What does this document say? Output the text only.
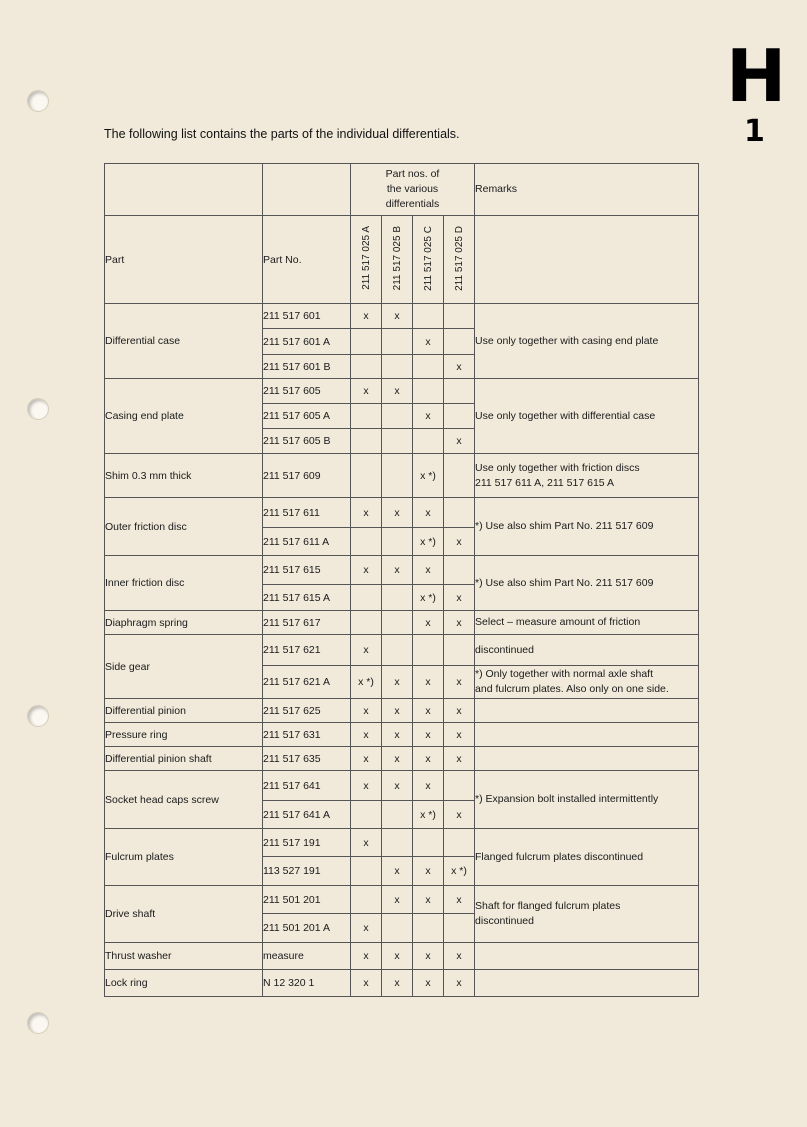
H
1
The following list contains the parts of the individual differentials.

		Part nos. of
the various
differentials				Remarks
Part	Part No.	211 517 025 A	211 517 025 B	211 517 025 C	211 517 025 D	
Differential case	211 517 601	x	x			Use only together with casing end plate

	211 517 601 A			x		
	211 517 601 B				x	
Casing end plate	211 517 605	x	x			Use only together with differential case

	211 517 605 A			x		
	211 517 605 B				x	
Shim 0.3 mm thick	211 517 609			x *)		Use only together with friction discs
211 517 611 A, 211 517 615 A

Outer friction disc	211 517 611	x	x	x		*) Use also shim Part No. 211 517 609

	211 517 611 A			x *)	x	
Inner friction disc	211 517 615	x	x	x		*) Use also shim Part No. 211 517 609

	211 517 615 A			x *)	x	
Diaphragm spring	211 517 617			x	x	Select – measure amount of friction

Side gear	211 517 621	x				discontinued

	211 517 621 A	x *)	x	x	x	*) Only together with normal axle shaft
and fulcrum plates. Also only on one side.

Differential pinion	211 517 625	x	x	x	x	
Pressure ring	211 517 631	x	x	x	x	
Differential pinion shaft	211 517 635	x	x	x	x	
Socket head caps screw	211 517 641	x	x	x		*) Expansion bolt installed intermittently

	211 517 641 A			x *)	x	
Fulcrum plates	211 517 191	x				Flanged fulcrum plates discontinued

	113 527 191		x	x	x *)	
Drive shaft	211 501 201		x	x	x	Shaft for flanged fulcrum plates
discontinued

	211 501 201 A	x				
Thrust washer	measure	x	x	x	x	
Lock ring	N 12 320 1	x	x	x	x	
